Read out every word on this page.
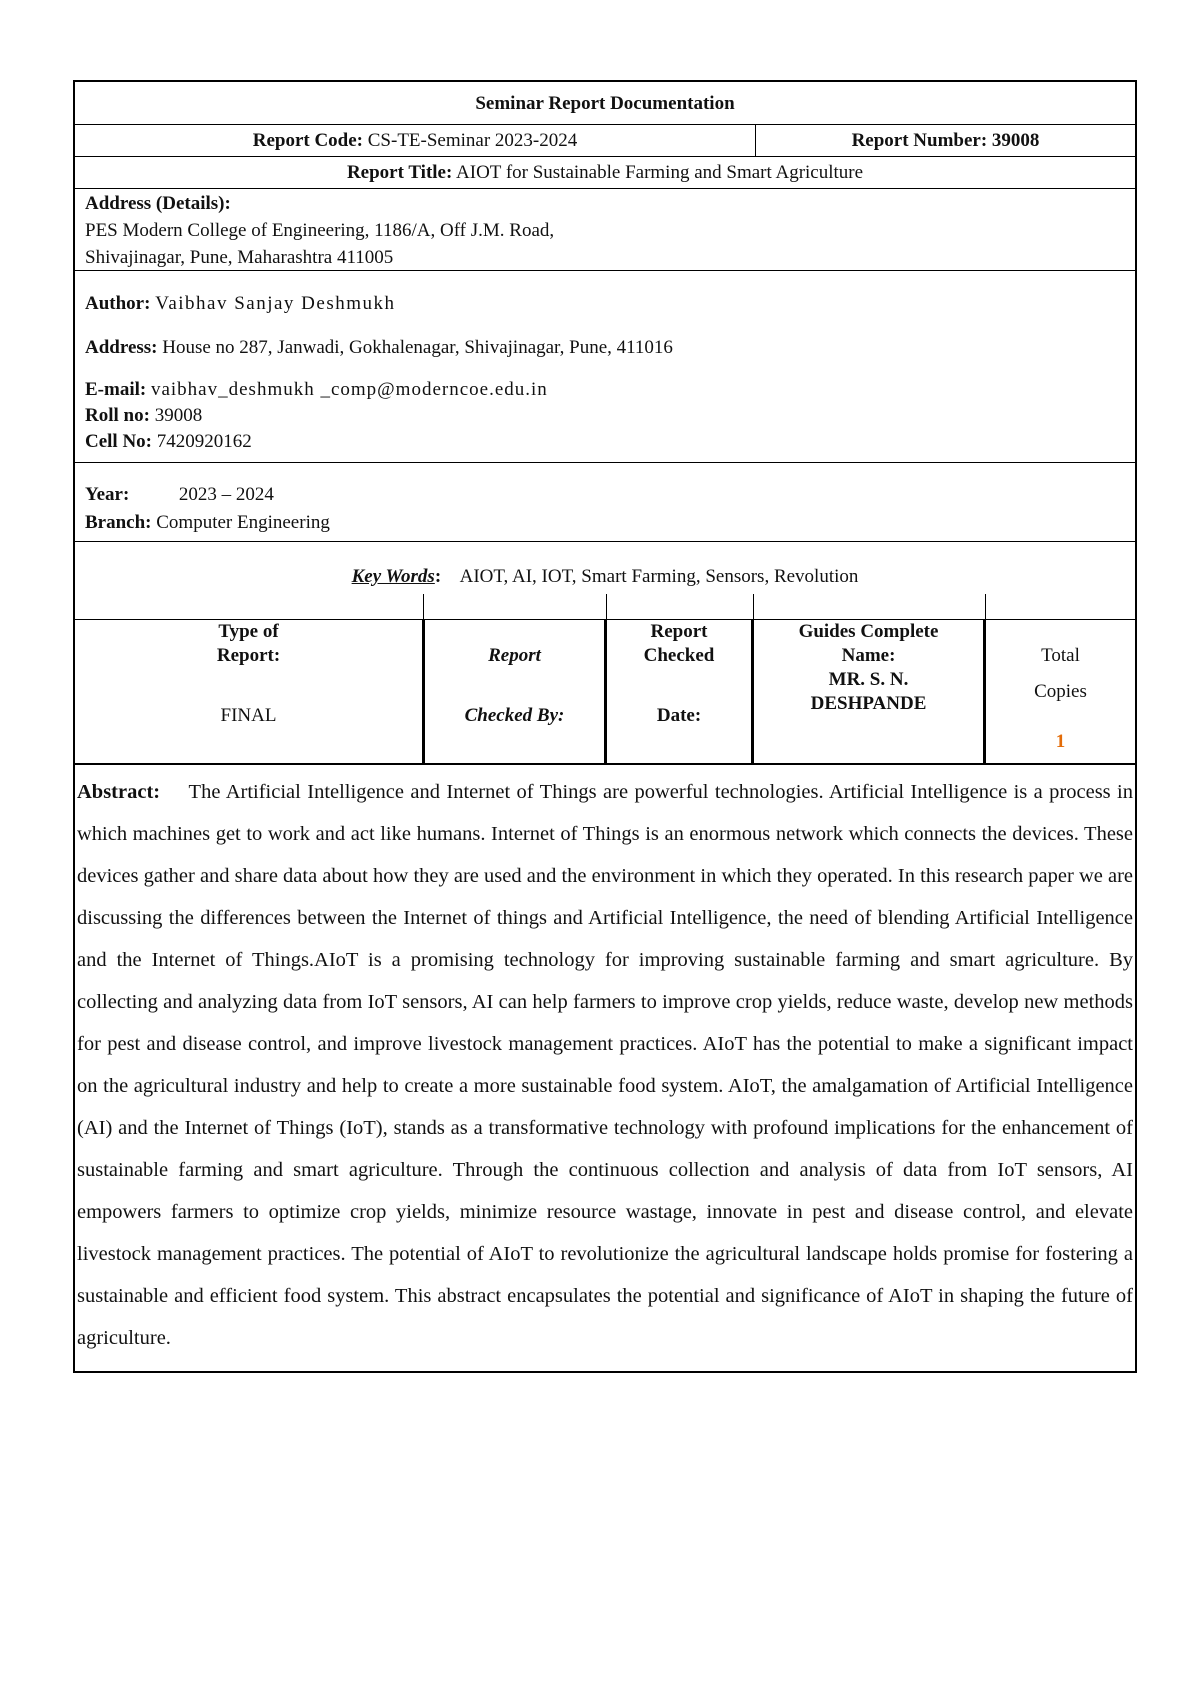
Seminar Report Documentation
Report Code: CS-TE-Seminar 2023-2024	Report Number: 39008
Report Title: AIOT for Sustainable Farming and Smart Agriculture
Address (Details):
PES Modern College of Engineering, 1186/A, Off J.M. Road,
Shivajinagar, Pune, Maharashtra 411005
Author: Vaibhav Sanjay Deshmukh
Address: House no 287, Janwadi, Gokhalenagar, Shivajinagar, Pune, 411016
E-mail: vaibhav_deshmukh _comp@moderncoe.edu.in
Roll no: 39008
Cell No: 7420920162
Year:	2023 – 2024
Branch: Computer Engineering
Key Words: AIOT, AI, IOT, Smart Farming, Sensors, Revolution
Type of
Report:
FINAL
Report
Checked By:
Report
Checked
Date:
Guides Complete
Name:
MR. S. N.
DESHPANDE
Total
Copies
1
Abstract: The Artificial Intelligence and Internet of Things are powerful technologies. Artificial Intelligence is a process in which machines get to work and act like humans. Internet of Things is an enormous network which connects the devices. These devices gather and share data about how they are used and the environment in which they operated. In this research paper we are discussing the differences between the Internet of things and Artificial Intelligence, the need of blending Artificial Intelligence and the Internet of Things.AIoT is a promising technology for improving sustainable farming and smart agriculture. By collecting and analyzing data from IoT sensors, AI can help farmers to improve crop yields, reduce waste, develop new methods for pest and disease control, and improve livestock management practices. AIoT has the potential to make a significant impact on the agricultural industry and help to create a more sustainable food system. AIoT, the amalgamation of Artificial Intelligence (AI) and the Internet of Things (IoT), stands as a transformative technology with profound implications for the enhancement of sustainable farming and smart agriculture. Through the continuous collection and analysis of data from IoT sensors, AI empowers farmers to optimize crop yields, minimize resource wastage, innovate in pest and disease control, and elevate livestock management practices. The potential of AIoT to revolutionize the agricultural landscape holds promise for fostering a sustainable and efficient food system. This abstract encapsulates the potential and significance of AIoT in shaping the future of agriculture.
